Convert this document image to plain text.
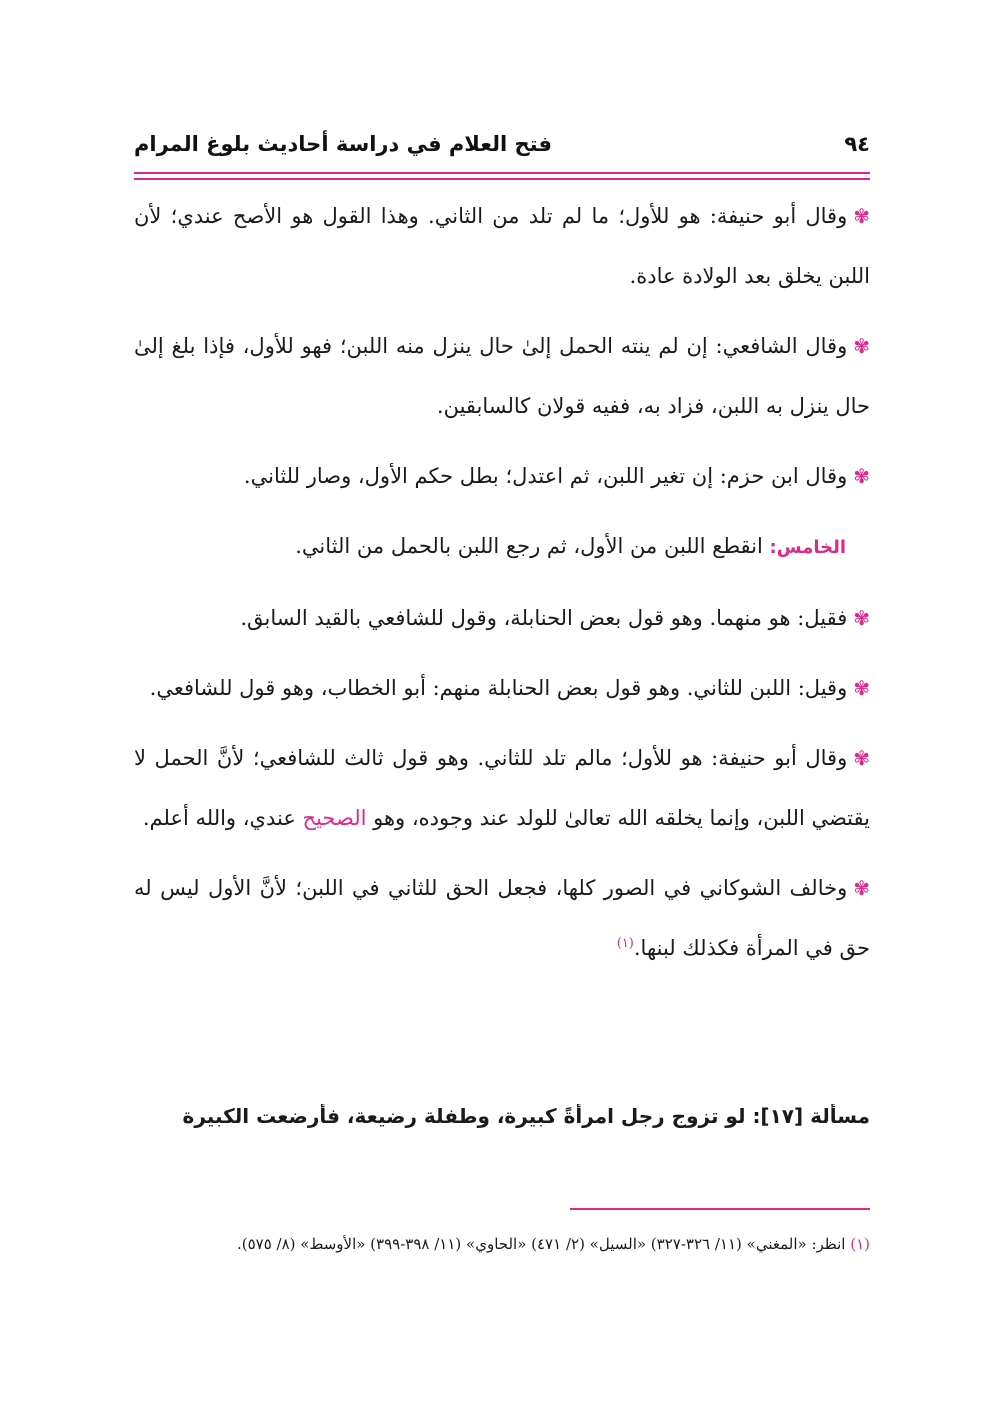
٩٤
فتح العلام في دراسة أحاديث بلوغ المرام

✾وقال أبو حنيفة: هو للأول؛ ما لم تلد من الثاني. وهذا القول هو الأصح عندي؛ لأن اللبن يخلق بعد الولادة عادة.

✾وقال الشافعي: إن لم ينته الحمل إلىٰ حال ينزل منه اللبن؛ فهو للأول، فإذا بلغ إلىٰ حال ينزل به اللبن، فزاد به، ففيه قولان كالسابقين.

✾وقال ابن حزم: إن تغير اللبن، ثم اعتدل؛ بطل حكم الأول، وصار للثاني.

الخامس: انقطع اللبن من الأول، ثم رجع اللبن بالحمل من الثاني.

✾فقيل: هو منهما. وهو قول بعض الحنابلة، وقول للشافعي بالقيد السابق.

✾وقيل: اللبن للثاني. وهو قول بعض الحنابلة منهم: أبو الخطاب، وهو قول للشافعي.

✾وقال أبو حنيفة: هو للأول؛ مالم تلد للثاني. وهو قول ثالث للشافعي؛ لأنَّ الحمل لا يقتضي اللبن، وإنما يخلقه الله تعالىٰ للولد عند وجوده، وهو الصحيح عندي، والله أعلم.

✾وخالف الشوكاني في الصور كلها، فجعل الحق للثاني في اللبن؛ لأنَّ الأول ليس له حق في المرأة فكذلك لبنها.$^{(١)}$

مسألة [١٧]: لو تزوج رجل امرأةً كبيرة، وطفلة رضيعة، فأرضعت الكبيرة
(١) انظر: «المغني» (١١/ ٣٢٦-٣٢٧) «السيل» (٢/ ٤٧١) «الحاوي» (١١/ ٣٩٨-٣٩٩) «الأوسط» (٨/ ٥٧٥).
